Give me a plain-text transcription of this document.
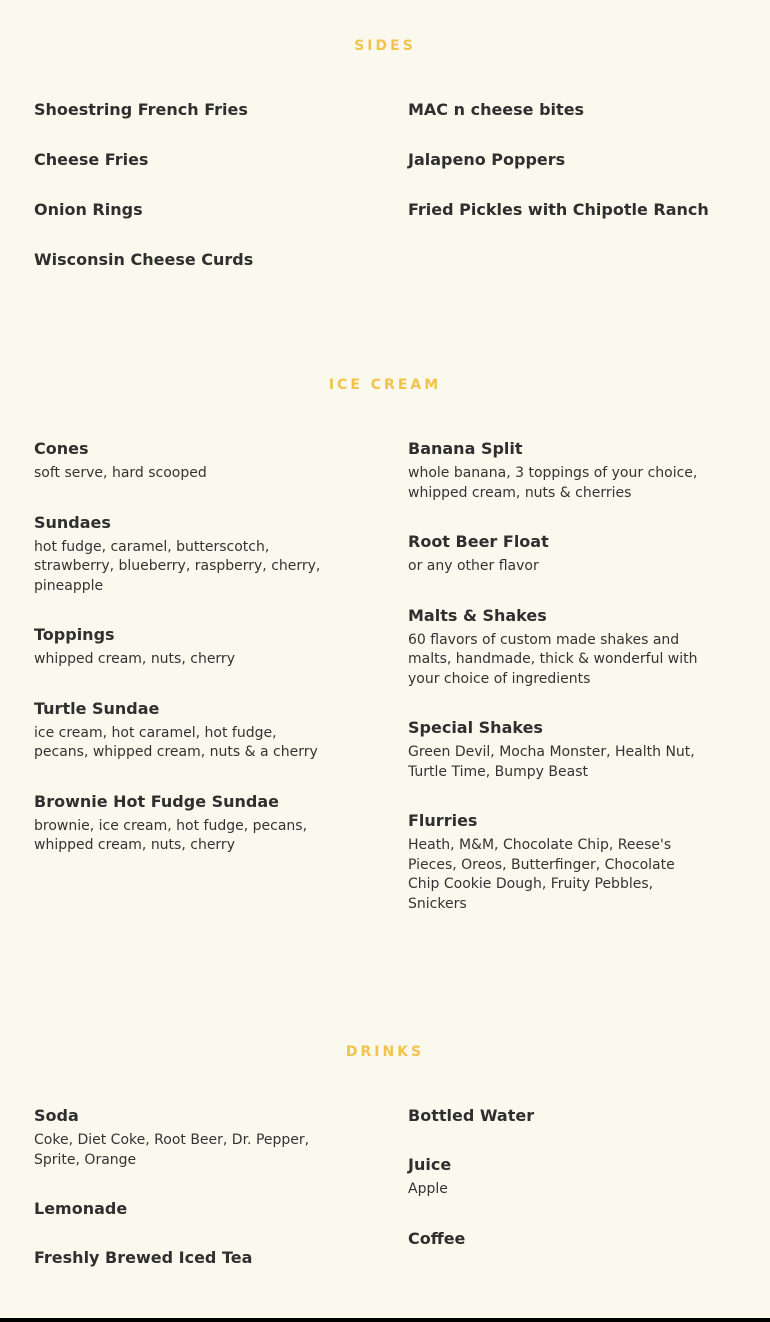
SIDES
Shoestring French Fries
Cheese Fries
Onion Rings
Wisconsin Cheese Curds
MAC n cheese bites
Jalapeno Poppers
Fried Pickles with Chipotle Ranch
ICE CREAM
Cones
soft serve, hard scooped
Sundaes
hot fudge, caramel, butterscotch, strawberry, blueberry, raspberry, cherry, pineapple
Toppings
whipped cream, nuts, cherry
Turtle Sundae
ice cream, hot caramel, hot fudge, pecans, whipped cream, nuts & a cherry
Brownie Hot Fudge Sundae
brownie, ice cream, hot fudge, pecans, whipped cream, nuts, cherry
Banana Split
whole banana, 3 toppings of your choice, whipped cream, nuts & cherries
Root Beer Float
or any other flavor
Malts & Shakes
60 flavors of custom made shakes and malts, handmade, thick & wonderful with your choice of ingredients
Special Shakes
Green Devil, Mocha Monster, Health Nut, Turtle Time, Bumpy Beast
Flurries
Heath, M&M, Chocolate Chip, Reese's Pieces, Oreos, Butterfinger, Chocolate Chip Cookie Dough, Fruity Pebbles, Snickers
DRINKS
Soda
Coke, Diet Coke, Root Beer, Dr. Pepper, Sprite, Orange
Lemonade
Freshly Brewed Iced Tea
Bottled Water
Juice
Apple
Coffee
